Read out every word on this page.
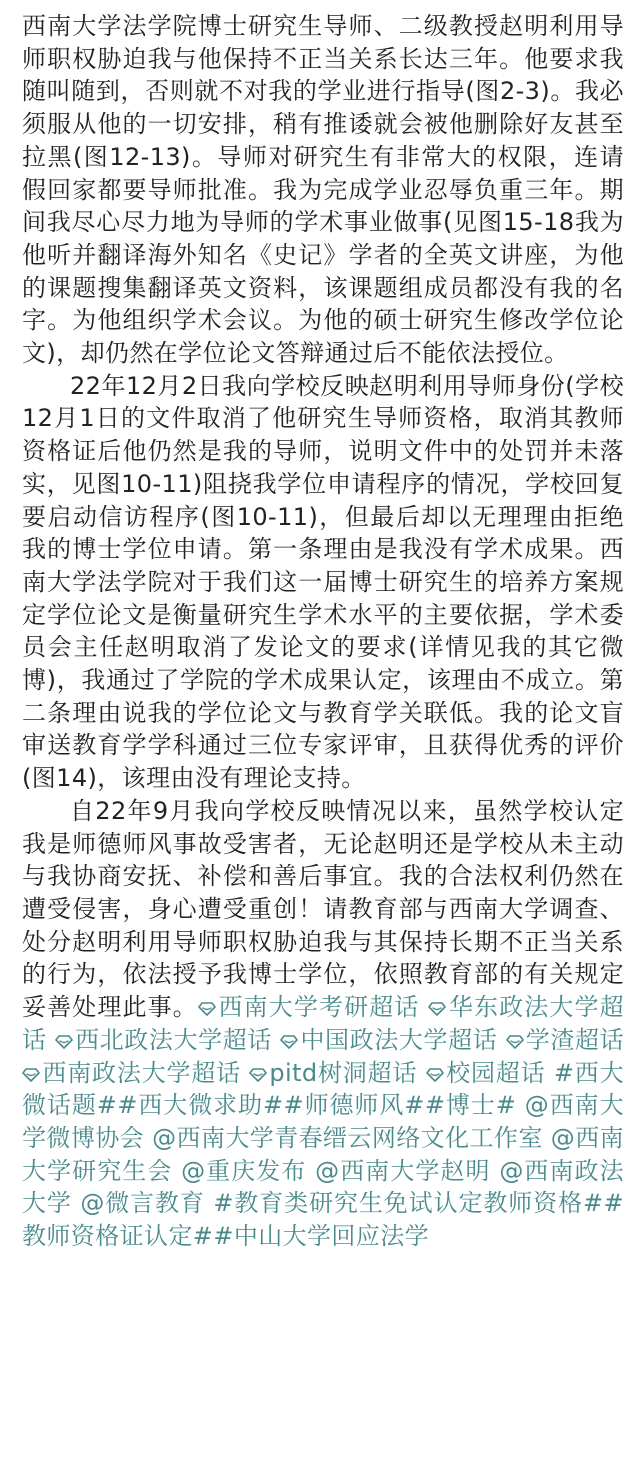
西南大学法学院博士研究生导师、二级教授赵明利用导师职权胁迫我与他保持不正当关系长达三年。他要求我随叫随到，否则就不对我的学业进行指导(图2-3)。我必须服从他的一切安排，稍有推诿就会被他删除好友甚至拉黑(图12-13)。导师对研究生有非常大的权限，连请假回家都要导师批准。我为完成学业忍辱负重三年。期间我尽心尽力地为导师的学术事业做事(见图15-18我为他听并翻译海外知名《史记》学者的全英文讲座，为他的课题搜集翻译英文资料，该课题组成员都没有我的名字。为他组织学术会议。为他的硕士研究生修改学位论文)，却仍然在学位论文答辩通过后不能依法授位。

22年12月2日我向学校反映赵明利用导师身份(学校12月1日的文件取消了他研究生导师资格，取消其教师资格证后他仍然是我的导师，说明文件中的处罚并未落实，见图10-11)阻挠我学位申请程序的情况，学校回复要启动信访程序(图10-11)，但最后却以无理理由拒绝我的博士学位申请。第一条理由是我没有学术成果。西南大学法学院对于我们这一届博士研究生的培养方案规定学位论文是衡量研究生学术水平的主要依据，学术委员会主任赵明取消了发论文的要求(详情见我的其它微博)，我通过了学院的学术成果认定，该理由不成立。第二条理由说我的学位论文与教育学关联低。我的论文盲审送教育学学科通过三位专家评审，且获得优秀的评价(图14)，该理由没有理论支持。

自22年9月我向学校反映情况以来，虽然学校认定我是师德师风事故受害者，无论赵明还是学校从未主动与我协商安抚、补偿和善后事宜。我的合法权利仍然在遭受侵害，身心遭受重创！请教育部与西南大学调查、处分赵明利用导师职权胁迫我与其保持长期不正当关系的行为，依法授予我博士学位，依照教育部的有关规定妥善处理此事。 西南大学考研超话 华东政法大学超话 西北政法大学超话 中国政法大学超话 学渣超话
西南政法大学超话 pitd树洞超话 校园超话 #西大微话题##西大微求助##师德师风##博士# @西南大学微博协会 @西南大学青春缙云网络文化工作室 @西南大学研究生会 @重庆发布 @西南大学赵明 @西南政法大学 @微言教育 #教育类研究生免试认定教师资格##教师资格证认定##中山大学回应法学
